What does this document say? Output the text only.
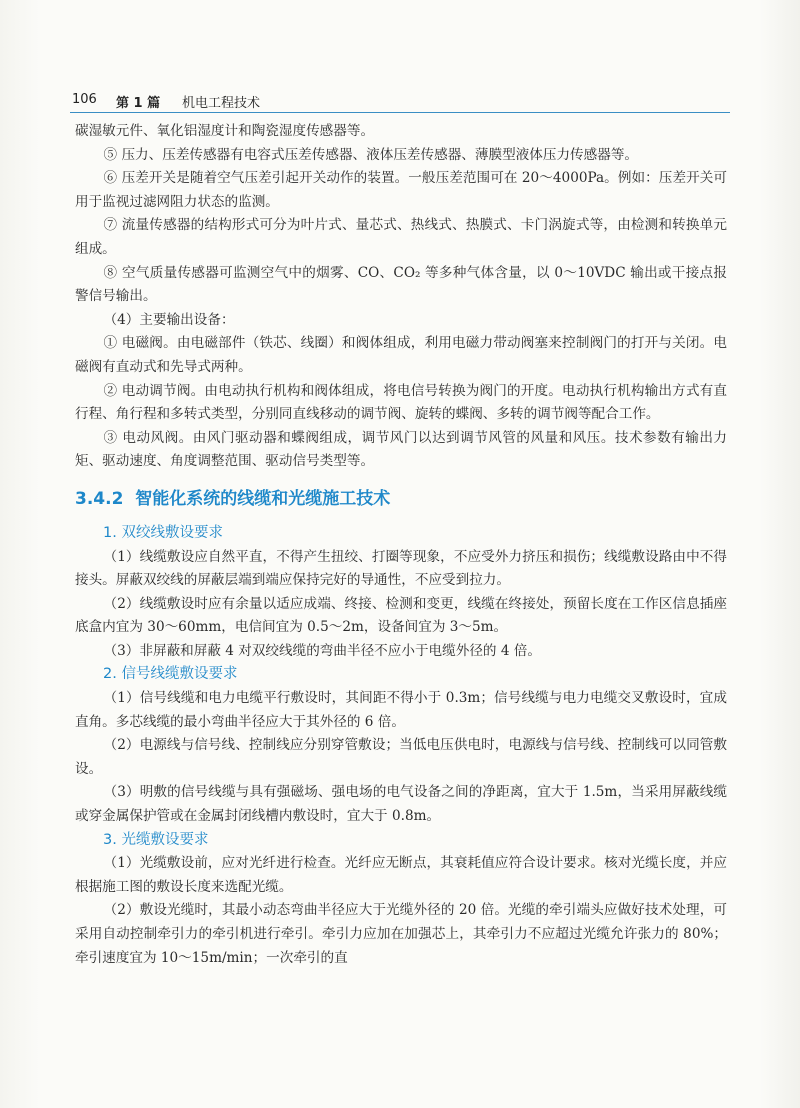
106 第 1 篇 机电工程技术

碳湿敏元件、氧化铝湿度计和陶瓷湿度传感器等。

⑤ 压力、压差传感器有电容式压差传感器、液体压差传感器、薄膜型液体压力传感器等。

⑥ 压差开关是随着空气压差引起开关动作的装置。一般压差范围可在 20～4000Pa。例如：压差开关可用于监视过滤网阻力状态的监测。

⑦ 流量传感器的结构形式可分为叶片式、量芯式、热线式、热膜式、卡门涡旋式等，由检测和转换单元组成。

⑧ 空气质量传感器可监测空气中的烟雾、CO、CO₂ 等多种气体含量，以 0～10VDC 输出或干接点报警信号输出。

（4）主要输出设备：

① 电磁阀。由电磁部件（铁芯、线圈）和阀体组成，利用电磁力带动阀塞来控制阀门的打开与关闭。电磁阀有直动式和先导式两种。

② 电动调节阀。由电动执行机构和阀体组成，将电信号转换为阀门的开度。电动执行机构输出方式有直行程、角行程和多转式类型，分别同直线移动的调节阀、旋转的蝶阀、多转的调节阀等配合工作。

③ 电动风阀。由风门驱动器和蝶阀组成，调节风门以达到调节风管的风量和风压。技术参数有输出力矩、驱动速度、角度调整范围、驱动信号类型等。

3.4.2 智能化系统的线缆和光缆施工技术
1. 双绞线敷设要求

（1）线缆敷设应自然平直，不得产生扭绞、打圈等现象，不应受外力挤压和损伤；线缆敷设路由中不得接头。屏蔽双绞线的屏蔽层端到端应保持完好的导通性，不应受到拉力。

（2）线缆敷设时应有余量以适应成端、终接、检测和变更，线缆在终接处，预留长度在工作区信息插座底盒内宜为 30～60mm，电信间宜为 0.5～2m，设备间宜为 3～5m。

（3）非屏蔽和屏蔽 4 对双绞线缆的弯曲半径不应小于电缆外径的 4 倍。

2. 信号线缆敷设要求

（1）信号线缆和电力电缆平行敷设时，其间距不得小于 0.3m；信号线缆与电力电缆交叉敷设时，宜成直角。多芯线缆的最小弯曲半径应大于其外径的 6 倍。

（2）电源线与信号线、控制线应分别穿管敷设；当低电压供电时，电源线与信号线、控制线可以同管敷设。

（3）明敷的信号线缆与具有强磁场、强电场的电气设备之间的净距离，宜大于 1.5m，当采用屏蔽线缆或穿金属保护管或在金属封闭线槽内敷设时，宜大于 0.8m。

3. 光缆敷设要求

（1）光缆敷设前，应对光纤进行检查。光纤应无断点，其衰耗值应符合设计要求。核对光缆长度，并应根据施工图的敷设长度来选配光缆。

（2）敷设光缆时，其最小动态弯曲半径应大于光缆外径的 20 倍。光缆的牵引端头应做好技术处理，可采用自动控制牵引力的牵引机进行牵引。牵引力应加在加强芯上，其牵引力不应超过光缆允许张力的 80%；牵引速度宜为 10～15m/min；一次牵引的直
